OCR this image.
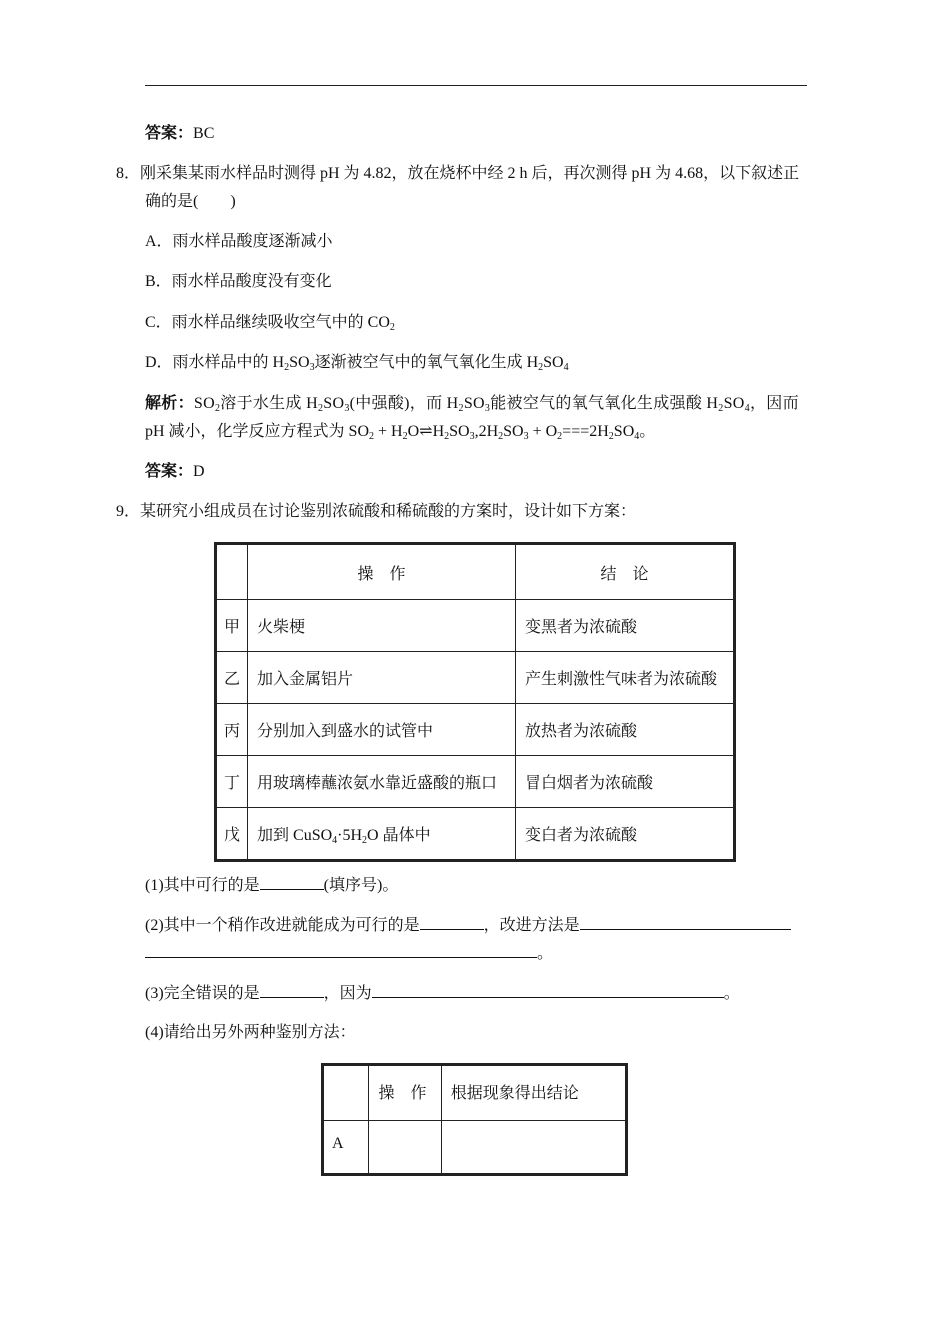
答案：BC
8．刚采集某雨水样品时测得 pH 为 4.82，放在烧杯中经 2 h 后，再次测得 pH 为 4.68，以下叙述正
确的是(　　)
A．雨水样品酸度逐渐减小
B．雨水样品酸度没有变化
C．雨水样品继续吸收空气中的 $CO_2$
D．雨水样品中的 $H_2SO_3$逐渐被空气中的氧气氧化生成 $H_2SO_4$
解析：$SO_2$溶于水生成 $H_2SO_3$(中强酸)，而 $H_2SO_3$能被空气的氧气氧化生成强酸 $H_2SO_4$，因而
pH 减小，化学反应方程式为 $SO_2$ + $H_2O\rightleftharpoons H_2SO_3,2H_2SO_3 + O_2===2H_2SO_4$。
答案：D
9．某研究小组成员在讨论鉴别浓硫酸和稀硫酸的方案时，设计如下方案：
	操　作	结　论
甲	火柴梗	变黑者为浓硫酸
乙	加入金属铝片	产生刺激性气味者为浓硫酸
丙	分别加入到盛水的试管中	放热者为浓硫酸
丁	用玻璃棒蘸浓氨水靠近盛酸的瓶口	冒白烟者为浓硫酸
戊	加到 $CuSO_4\cdot 5H_2O$ 晶体中	变白者为浓硫酸
(1)其中可行的是	(填序号)。
(2)其中一个稍作改进就能成为可行的是	，改进方法是
。
(3)完全错误的是	，因为	。
(4)请给出另外两种鉴别方法：
	操　作	根据现象得出结论
A		
